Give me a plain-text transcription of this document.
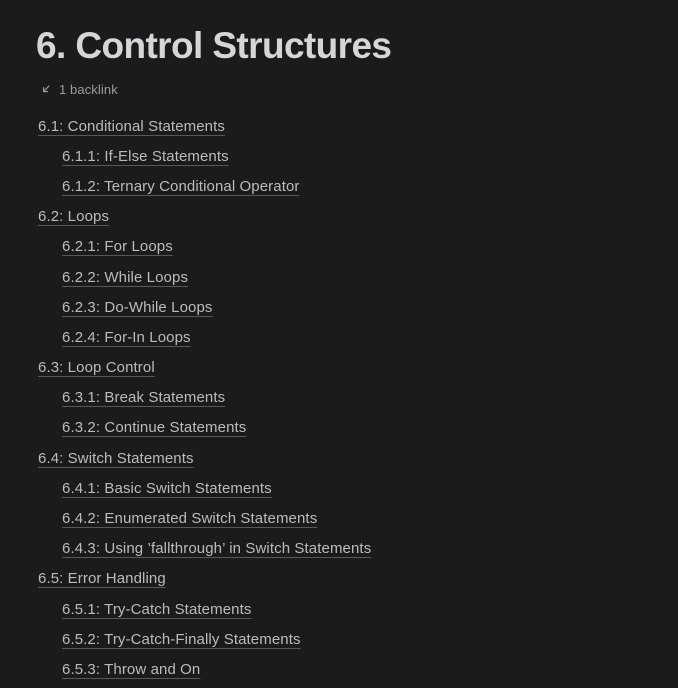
6. Control Structures
1 backlink
6.1: Conditional Statements
6.1.1: If-Else Statements
6.1.2: Ternary Conditional Operator
6.2: Loops
6.2.1: For Loops
6.2.2: While Loops
6.2.3: Do-While Loops
6.2.4: For-In Loops
6.3: Loop Control
6.3.1: Break Statements
6.3.2: Continue Statements
6.4: Switch Statements
6.4.1: Basic Switch Statements
6.4.2: Enumerated Switch Statements
6.4.3: Using ’fallthrough’ in Switch Statements
6.5: Error Handling
6.5.1: Try-Catch Statements
6.5.2: Try-Catch-Finally Statements
6.5.3: Throw and On
